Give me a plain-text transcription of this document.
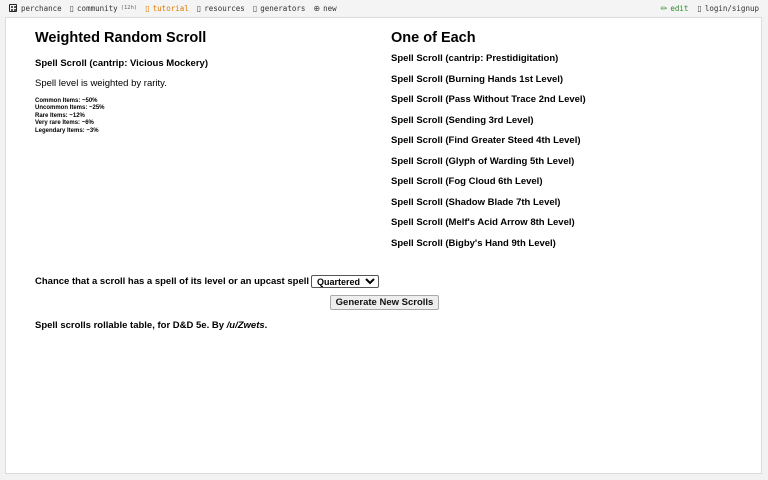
perchance ▯ community (12h) ▯ tutorial ▯ resources ▯ generators ⊕ new	✏ edit ▯ login/signup
Weighted Random Scroll
Spell Scroll (cantrip: Vicious Mockery)
Spell level is weighted by rarity.
Common Items: ~50%
Uncommon Items: ~25%
Rare Items: ~12%
Very rare Items: ~6%
Legendary Items: ~3%
One of Each
Spell Scroll (cantrip: Prestidigitation)
Spell Scroll (Burning Hands 1st Level)
Spell Scroll (Pass Without Trace 2nd Level)
Spell Scroll (Sending 3rd Level)
Spell Scroll (Find Greater Steed 4th Level)
Spell Scroll (Glyph of Warding 5th Level)
Spell Scroll (Fog Cloud 6th Level)
Spell Scroll (Shadow Blade 7th Level)
Spell Scroll (Melf's Acid Arrow 8th Level)
Spell Scroll (Bigby's Hand 9th Level)
Chance that a scroll has a spell of its level or an upcast spell
Quartered
Generate New Scrolls
Spell scrolls rollable table, for D&D 5e. By /u/Zwets.
